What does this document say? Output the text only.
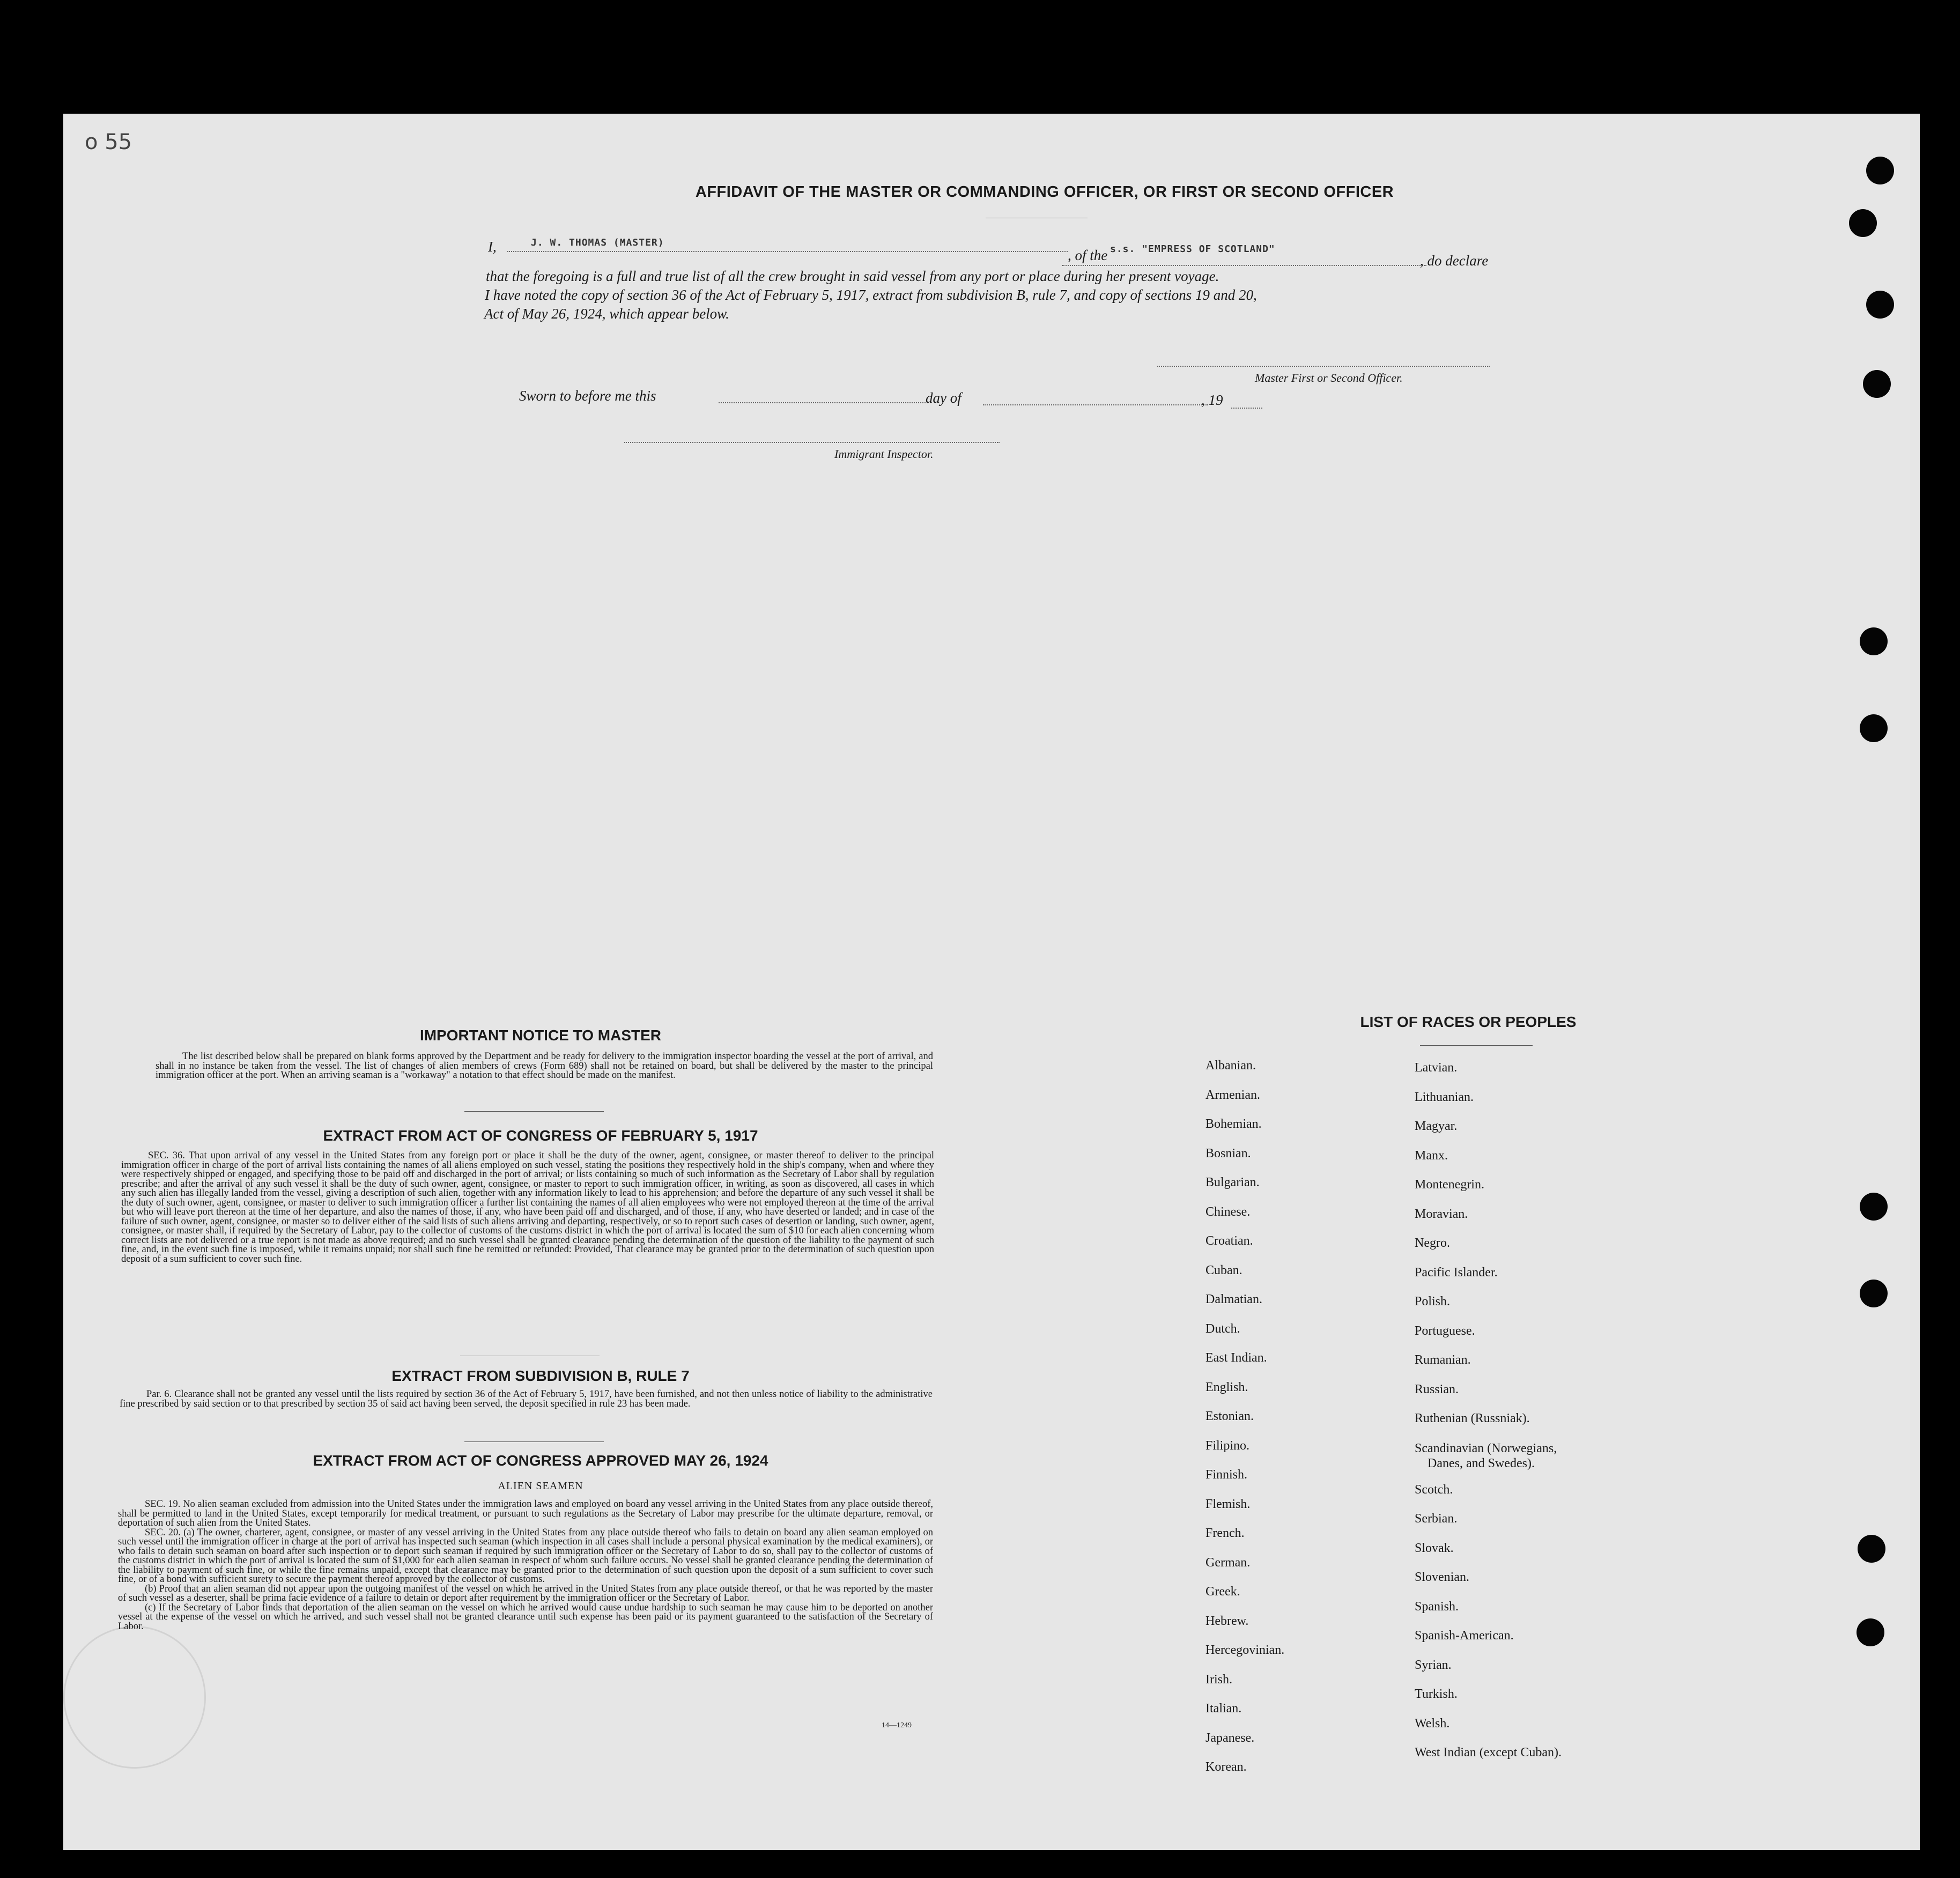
o 55
AFFIDAVIT OF THE MASTER OR COMMANDING OFFICER, OR FIRST OR SECOND OFFICER
I,	J. W. THOMAS (MASTER)
, of the s.s. "EMPRESS OF SCOTLAND"
, do declare
that the foregoing is a full and true list of all the crew brought in said vessel from any port or place during her present voyage.
I have noted the copy of section 36 of the Act of February 5, 1917, extract from subdivision B, rule 7, and copy of sections 19 and 20,
Act of May 26, 1924, which appear below.
Master First or Second Officer.
Sworn to before me this	day of	, 19
Immigrant Inspector.
IMPORTANT NOTICE TO MASTER

The list described below shall be prepared on blank forms approved by the Department and be ready for delivery to the immigration inspector boarding the vessel at the port of arrival, and shall in no instance be taken from the vessel. The list of changes of alien members of crews (Form 689) shall not be retained on board, but shall be delivered by the master to the principal immigration officer at the port. When an arriving seaman is a "workaway" a notation to that effect should be made on the manifest.

EXTRACT FROM ACT OF CONGRESS OF FEBRUARY 5, 1917

SEC. 36. That upon arrival of any vessel in the United States from any foreign port or place it shall be the duty of the owner, agent, consignee, or master thereof to deliver to the principal immigration officer in charge of the port of arrival lists containing the names of all aliens employed on such vessel, stating the positions they respectively hold in the ship's company, when and where they were respectively shipped or engaged, and specifying those to be paid off and discharged in the port of arrival; or lists containing so much of such information as the Secretary of Labor shall by regulation prescribe; and after the arrival of any such vessel it shall be the duty of such owner, agent, consignee, or master to report to such immigration officer, in writing, as soon as discovered, all cases in which any such alien has illegally landed from the vessel, giving a description of such alien, together with any information likely to lead to his apprehension; and before the departure of any such vessel it shall be the duty of such owner, agent, consignee, or master to deliver to such immigration officer a further list containing the names of all alien employees who were not employed thereon at the time of the arrival but who will leave port thereon at the time of her departure, and also the names of those, if any, who have been paid off and discharged, and of those, if any, who have deserted or landed; and in case of the failure of such owner, agent, consignee, or master so to deliver either of the said lists of such aliens arriving and departing, respectively, or so to report such cases of desertion or landing, such owner, agent, consignee, or master shall, if required by the Secretary of Labor, pay to the collector of customs of the customs district in which the port of arrival is located the sum of $10 for each alien concerning whom correct lists are not delivered or a true report is not made as above required; and no such vessel shall be granted clearance pending the determination of the question of the liability to the payment of such fine, and, in the event such fine is imposed, while it remains unpaid; nor shall such fine be remitted or refunded: Provided, That clearance may be granted prior to the determination of such question upon deposit of a sum sufficient to cover such fine.

EXTRACT FROM SUBDIVISION B, RULE 7

Par. 6. Clearance shall not be granted any vessel until the lists required by section 36 of the Act of February 5, 1917, have been furnished, and not then unless notice of liability to the administrative fine prescribed by said section or to that prescribed by section 35 of said act having been served, the deposit specified in rule 23 has been made.

EXTRACT FROM ACT OF CONGRESS APPROVED MAY 26, 1924
ALIEN SEAMEN

SEC. 19. No alien seaman excluded from admission into the United States under the immigration laws and employed on board any vessel arriving in the United States from any place outside thereof, shall be permitted to land in the United States, except temporarily for medical treatment, or pursuant to such regulations as the Secretary of Labor may prescribe for the ultimate departure, removal, or deportation of such alien from the United States.

SEC. 20. (a) The owner, charterer, agent, consignee, or master of any vessel arriving in the United States from any place outside thereof who fails to detain on board any alien seaman employed on such vessel until the immigration officer in charge at the port of arrival has inspected such seaman (which inspection in all cases shall include a personal physical examination by the medical examiners), or who fails to detain such seaman on board after such inspection or to deport such seaman if required by such immigration officer or the Secretary of Labor to do so, shall pay to the collector of customs of the customs district in which the port of arrival is located the sum of $1,000 for each alien seaman in respect of whom such failure occurs. No vessel shall be granted clearance pending the determination of the liability to payment of such fine, or while the fine remains unpaid, except that clearance may be granted prior to the determination of such question upon the deposit of a sum sufficient to cover such fine, or of a bond with sufficient surety to secure the payment thereof approved by the collector of customs.

(b) Proof that an alien seaman did not appear upon the outgoing manifest of the vessel on which he arrived in the United States from any place outside thereof, or that he was reported by the master of such vessel as a deserter, shall be prima facie evidence of a failure to detain or deport after requirement by the immigration officer or the Secretary of Labor.

(c) If the Secretary of Labor finds that deportation of the alien seaman on the vessel on which he arrived would cause undue hardship to such seaman he may cause him to be deported on another vessel at the expense of the vessel on which he arrived, and such vessel shall not be granted clearance until such expense has been paid or its payment guaranteed to the satisfaction of the Secretary of Labor.

14—1249
LIST OF RACES OR PEOPLES
Albanian.
Armenian.
Bohemian.
Bosnian.
Bulgarian.
Chinese.
Croatian.
Cuban.
Dalmatian.
Dutch.
East Indian.
English.
Estonian.
Filipino.
Finnish.
Flemish.
French.
German.
Greek.
Hebrew.
Hercegovinian.
Irish.
Italian.
Japanese.
Korean.
Latvian.
Lithuanian.
Magyar.
Manx.
Montenegrin.
Moravian.
Negro.
Pacific Islander.
Polish.
Portuguese.
Rumanian.
Russian.
Ruthenian (Russniak).
Scandinavian (Norwegians,
Danes, and Swedes).
Scotch.
Serbian.
Slovak.
Slovenian.
Spanish.
Spanish-American.
Syrian.
Turkish.
Welsh.
West Indian (except Cuban).
